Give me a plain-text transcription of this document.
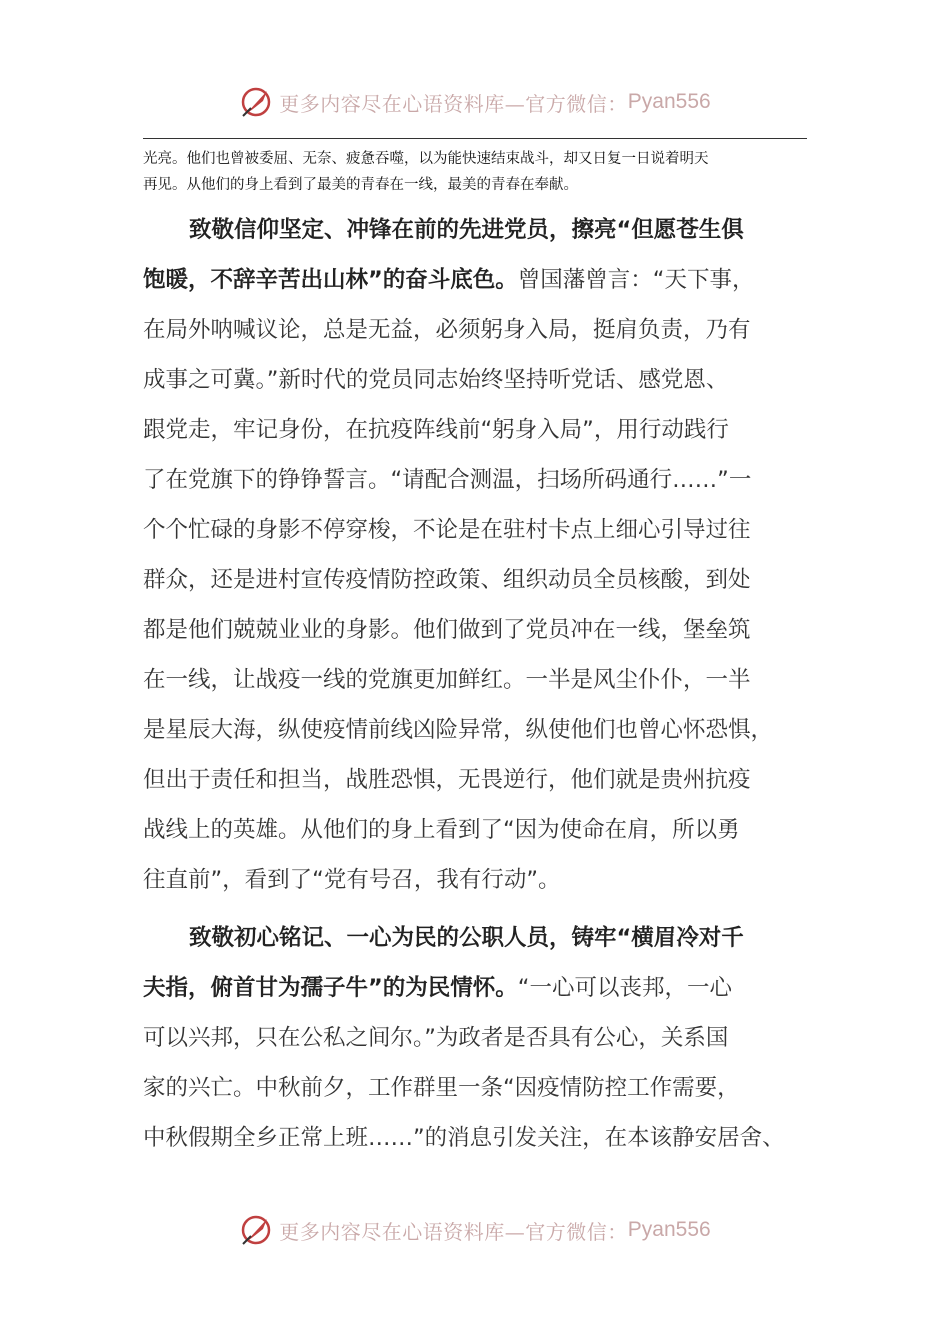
更多内容尽在心语资料库—官方微信： Pyan556

光亮。他们也曾被委屈、无奈、疲惫吞噬，以为能快速结束战斗，却又日复一日说着明天

再见。从他们的身上看到了最美的青春在一线，最美的青春在奉献。

致敬信仰坚定、冲锋在前的先进党员，擦亮“但愿苍生俱
饱暖，不辞辛苦出山林”的奋斗底色。曾国藩曾言：“天下事，
在局外呐喊议论，总是无益，必须躬身入局，挺肩负责，乃有
成事之可冀。”新时代的党员同志始终坚持听党话、感党恩、
跟党走，牢记身份，在抗疫阵线前“躬身入局”，用行动践行
了在党旗下的铮铮誓言。“请配合测温，扫场所码通行……”一
个个忙碌的身影不停穿梭，不论是在驻村卡点上细心引导过往
群众，还是进村宣传疫情防控政策、组织动员全员核酸，到处
都是他们兢兢业业的身影。他们做到了党员冲在一线，堡垒筑
在一线，让战疫一线的党旗更加鲜红。一半是风尘仆仆，一半
是星辰大海，纵使疫情前线凶险异常，纵使他们也曾心怀恐惧，
但出于责任和担当，战胜恐惧，无畏逆行，他们就是贵州抗疫
战线上的英雄。从他们的身上看到了“因为使命在肩，所以勇
往直前”，看到了“党有号召，我有行动”。
致敬初心铭记、一心为民的公职人员，铸牢“横眉冷对千
夫指，俯首甘为孺子牛”的为民情怀。“一心可以丧邦，一心
可以兴邦，只在公私之间尔。”为政者是否具有公心，关系国
家的兴亡。中秋前夕，工作群里一条“因疫情防控工作需要，
中秋假期全乡正常上班……”的消息引发关注，在本该静安居舍、
更多内容尽在心语资料库—官方微信： Pyan556
